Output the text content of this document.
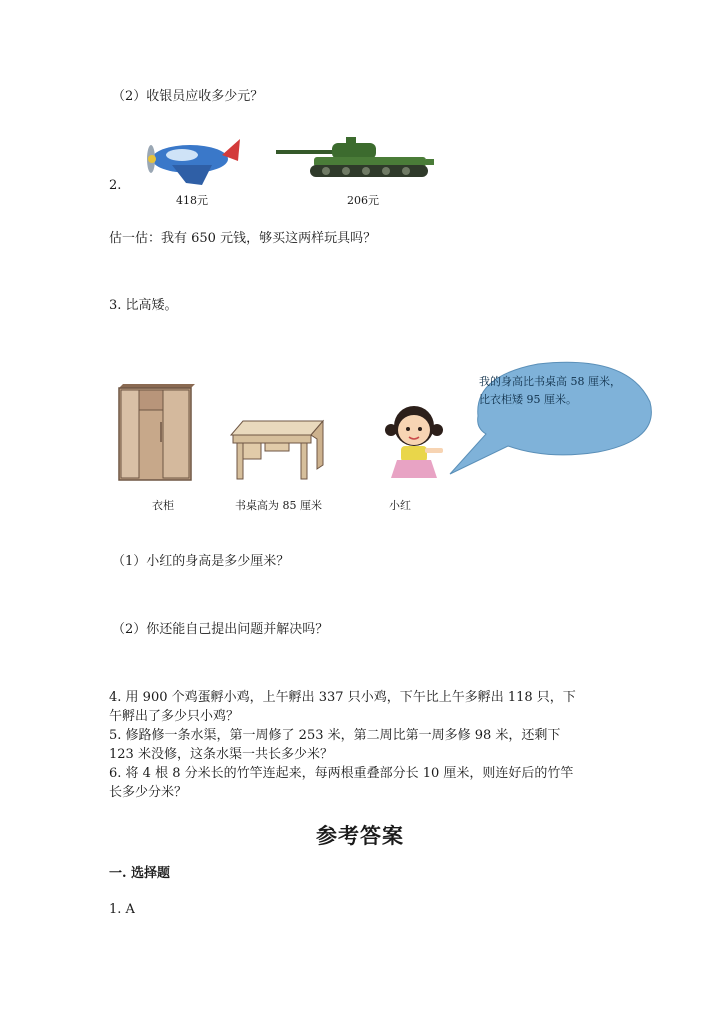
（2）收银员应收多少元？
2.
418元	206元
估一估：我有 650 元钱，够买这两样玩具吗？
3. 比高矮。
衣柜	书桌高为 85 厘米	小红
我的身高比书桌高 58 厘米，
比衣柜矮 95 厘米。
（1）小红的身高是多少厘米？
（2）你还能自己提出问题并解决吗？
4. 用 900 个鸡蛋孵小鸡，上午孵出 337 只小鸡，下午比上午多孵出 118 只，下
午孵出了多少只小鸡？
5. 修路修一条水渠，第一周修了 253 米，第二周比第一周多修 98 米，还剩下
123 米没修，这条水渠一共长多少米？
6. 将 4 根 8 分米长的竹竿连起来，每两根重叠部分长 10 厘米，则连好后的竹竿
长多少分米？
参考答案
一. 选择题
1. A
